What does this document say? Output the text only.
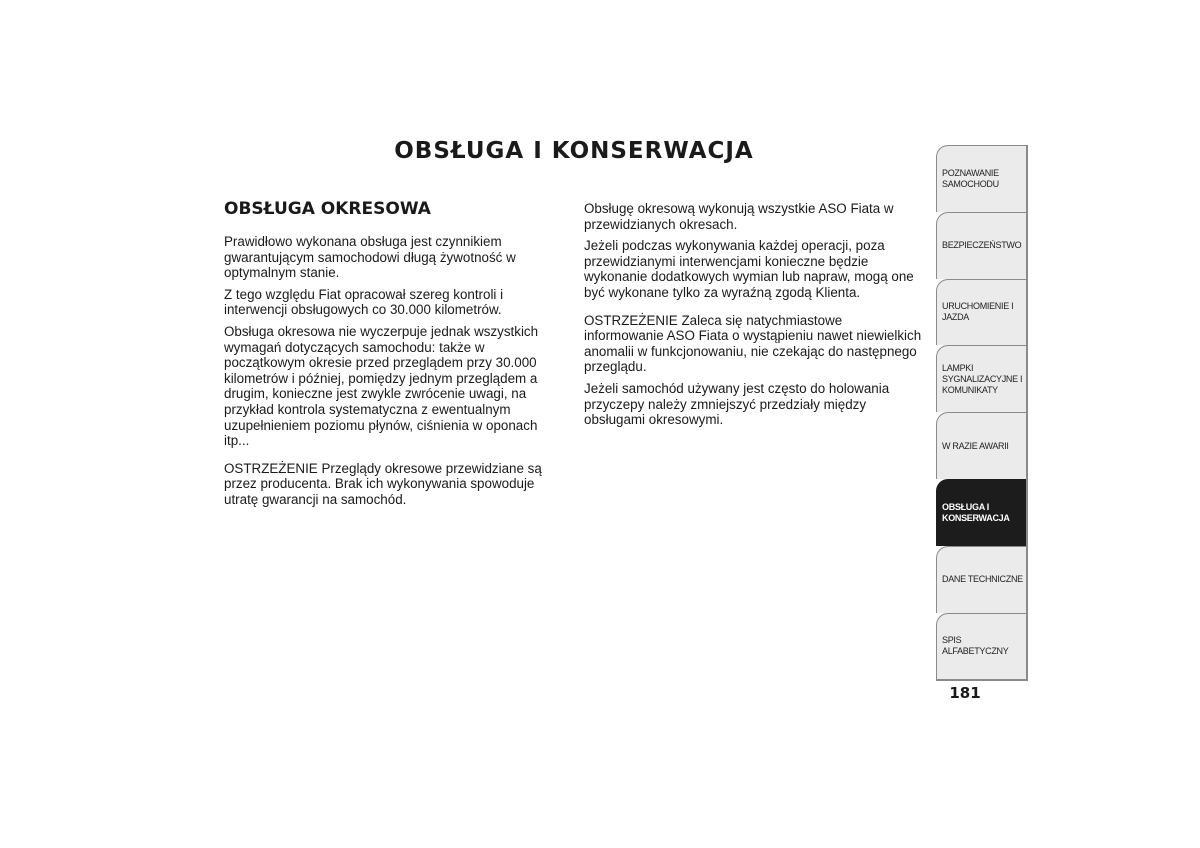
OBSŁUGA I KONSERWACJA
OBSŁUGA OKRESOWA

Prawidłowo wykonana obsługa jest czynnikiem gwarantującym samochodowi długą żywotność w optymalnym stanie.

Z tego względu Fiat opracował szereg kontroli i interwencji obsługowych co 30.000 kilometrów.

Obsługa okresowa nie wyczerpuje jednak wszystkich wymagań dotyczących samochodu: także w początkowym okresie przed przeglądem przy 30.000 kilometrów i później, pomiędzy jednym przeglądem a drugim, konieczne jest zwykle zwrócenie uwagi, na przykład kontrola systematyczna z ewentualnym uzupełnieniem poziomu płynów, ciśnienia w oponach itp...

OSTRZEŻENIE Przeglądy okresowe przewidziane są przez producenta. Brak ich wykonywania spowoduje utratę gwarancji na samochód.

Obsługę okresową wykonują wszystkie ASO Fiata w przewidzianych okresach.

Jeżeli podczas wykonywania każdej operacji, poza przewidzianymi interwencjami konieczne będzie wykonanie dodatkowych wymian lub napraw, mogą one być wykonane tylko za wyraźną zgodą Klienta.

OSTRZEŻENIE Zaleca się natychmiastowe informowanie ASO Fiata o wystąpieniu nawet niewielkich anomalii w funkcjonowaniu, nie czekając do następnego przeglądu.

Jeżeli samochód używany jest często do holowania przyczepy należy zmniejszyć przedziały między obsługami okresowymi.

POZNAWANIE SAMOCHODU
BEZPIECZEŃSTWO
URUCHOMIENIE I JAZDA
LAMPKI SYGNALIZACYJNE I KOMUNIKATY
W RAZIE AWARII
OBSŁUGA I KONSERWACJA
DANE TECHNICZNE
SPIS ALFABETYCZNY
181
